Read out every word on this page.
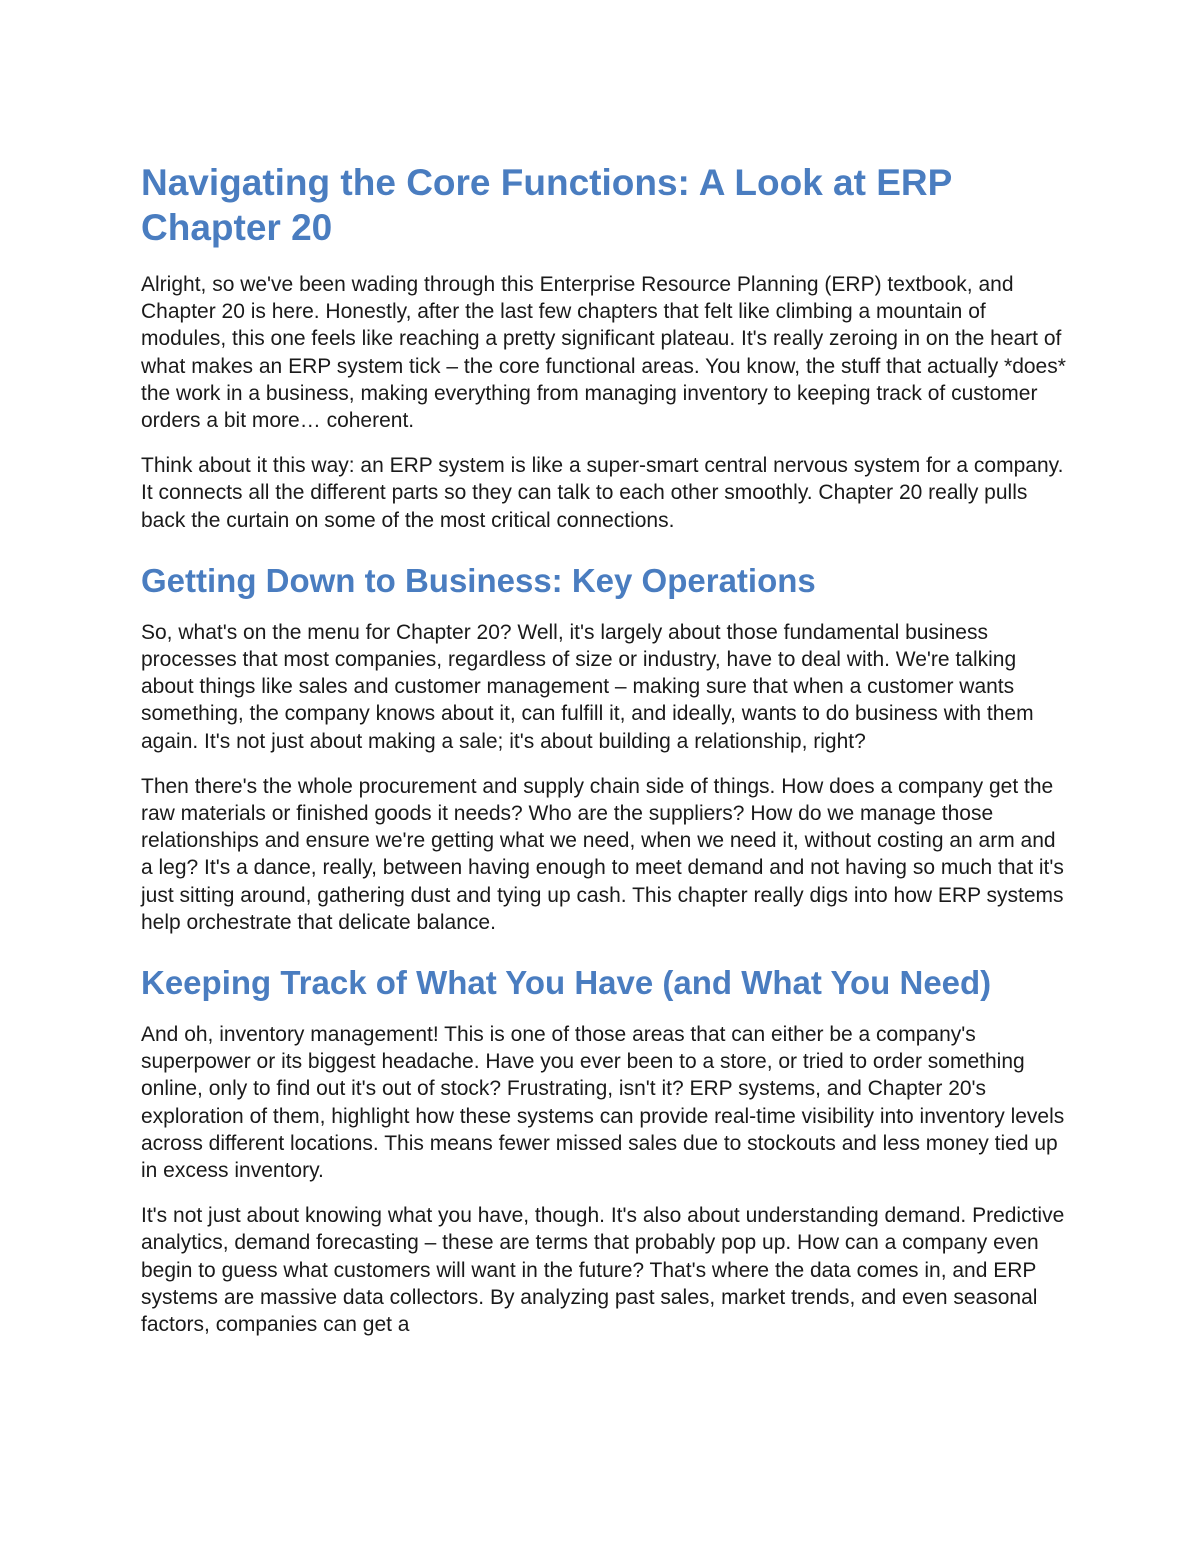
Navigating the Core Functions: A Look at ERP Chapter 20

Alright, so we've been wading through this Enterprise Resource Planning (ERP) textbook, and Chapter 20 is here. Honestly, after the last few chapters that felt like climbing a mountain of modules, this one feels like reaching a pretty significant plateau. It's really zeroing in on the heart of what makes an ERP system tick – the core functional areas. You know, the stuff that actually *does* the work in a business, making everything from managing inventory to keeping track of customer orders a bit more… coherent.

Think about it this way: an ERP system is like a super-smart central nervous system for a company. It connects all the different parts so they can talk to each other smoothly. Chapter 20 really pulls back the curtain on some of the most critical connections.

Getting Down to Business: Key Operations

So, what's on the menu for Chapter 20? Well, it's largely about those fundamental business processes that most companies, regardless of size or industry, have to deal with. We're talking about things like sales and customer management – making sure that when a customer wants something, the company knows about it, can fulfill it, and ideally, wants to do business with them again. It's not just about making a sale; it's about building a relationship, right?

Then there's the whole procurement and supply chain side of things. How does a company get the raw materials or finished goods it needs? Who are the suppliers? How do we manage those relationships and ensure we're getting what we need, when we need it, without costing an arm and a leg? It's a dance, really, between having enough to meet demand and not having so much that it's just sitting around, gathering dust and tying up cash. This chapter really digs into how ERP systems help orchestrate that delicate balance.

Keeping Track of What You Have (and What You Need)

And oh, inventory management! This is one of those areas that can either be a company's superpower or its biggest headache. Have you ever been to a store, or tried to order something online, only to find out it's out of stock? Frustrating, isn't it? ERP systems, and Chapter 20's exploration of them, highlight how these systems can provide real-time visibility into inventory levels across different locations. This means fewer missed sales due to stockouts and less money tied up in excess inventory.

It's not just about knowing what you have, though. It's also about understanding demand. Predictive analytics, demand forecasting – these are terms that probably pop up. How can a company even begin to guess what customers will want in the future? That's where the data comes in, and ERP systems are massive data collectors. By analyzing past sales, market trends, and even seasonal factors, companies can get a
